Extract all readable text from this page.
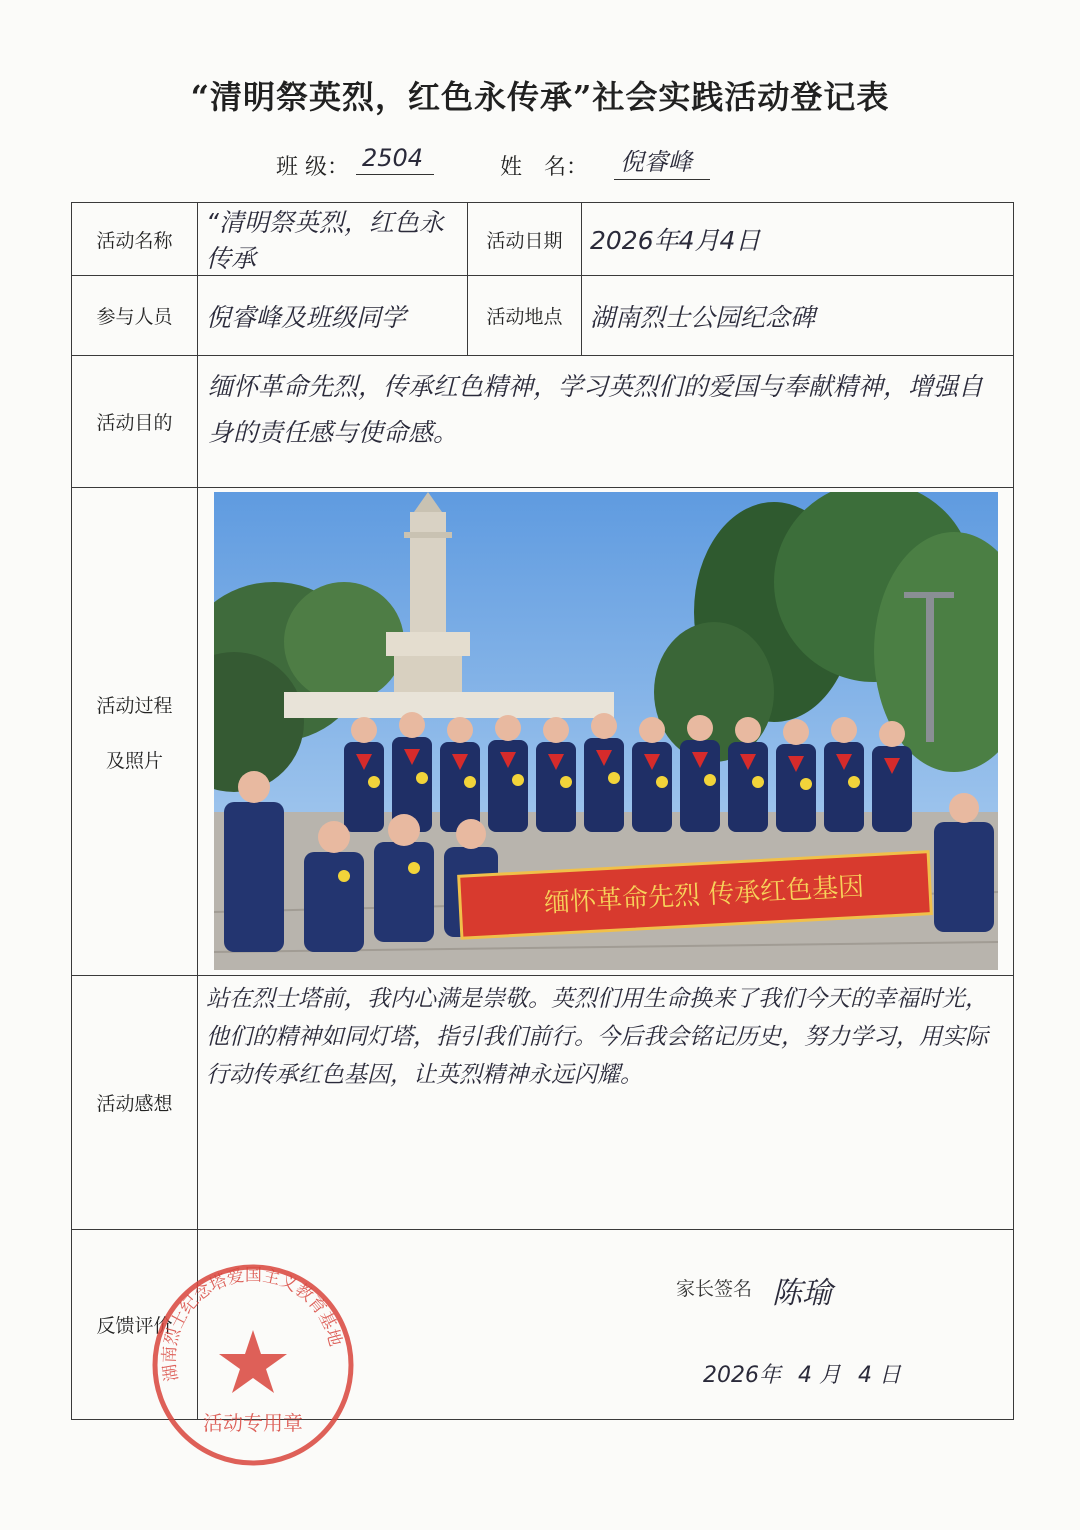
“清明祭英烈，红色永传承”社会实践活动登记表
班 级： 2504	姓　名： 倪睿峰
活动名称	“清明祭英烈，红色永传承	活动日期	2026年4月4日
参与人员	倪睿峰及班级同学	活动地点	湖南烈士公园纪念碑
活动目的	缅怀革命先烈，传承红色精神，学习英烈们的爱国与奉献精神，增强自身的责任感与使命感。		

活动过程
及照片	缅怀革命先烈 传承红色基因		

活动感想	站在烈士塔前，我内心满是崇敬。英烈们用生命换来了我们今天的幸福时光，他们的精神如同灯塔，指引我们前行。今后我会铭记历史，努力学习，用实际行动传承红色基因，让英烈精神永远闪耀。		
反馈评价	湖南烈士纪念塔爱国主义教育基地
活动专用章
家长签名 陈瑜
2026年 4 月 4 日		
